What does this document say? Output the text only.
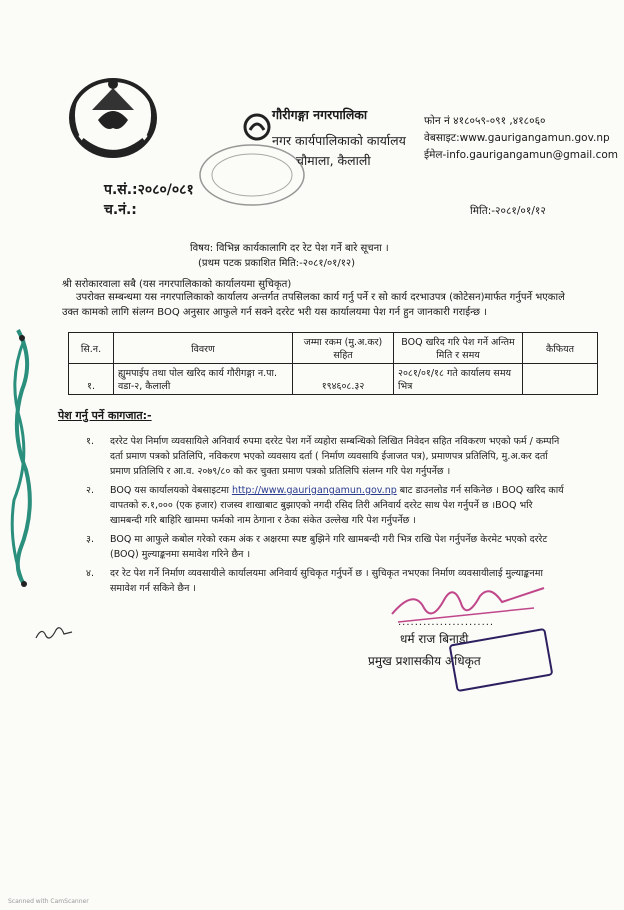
गौरीगङ्गा नगरपालिका
नगर कार्यपालिकाको कार्यालय
चौमाला, कैलाली
फोन नं ४१८०५९-०९१ ,४१८०६०
वेबसाइट:www.gaurigangamun.gov.np
ईमेल-info.gaurigangamun@gmail.com
प.सं.:२०८०/०८१
च.नं.:	मिति:-२०८१/०१/१२
विषय: विभिन्न कार्यकालागि दर रेट पेश गर्ने बारे सूचना ।
(प्रथम पटक प्रकाशित मिति:-२०८१/०१/१२)
श्री सरोकारवाला सबै (यस नगरपालिकाको कार्यालयमा सुचिकृत)
उपरोक्त सम्बन्धमा यस नगरपालिकाको कार्यालय अन्तर्गत तपसिलका कार्य गर्नु पर्ने र सो कार्य दरभाउपत्र (कोटेसन)मार्फत गर्नुपर्ने भएकाले उक्त कामको लागि संलग्न BOQ अनुसार आफुले गर्न सक्ने दररेट भरी यस कार्यालयमा पेश गर्न हुन जानकारी गराईन्छ ।
सि.न.	विवरण	जम्मा रकम (मु.अ.कर) सहित	BOQ खरिद गरि पेश गर्ने अन्तिम मिति र समय	कैफियत
१.	ह्युमपाईप तथा पोल खरिद कार्य गौरीगङ्गा न.पा. वडा-२, कैलाली	१९४६०८.३२	२०८१/०१/१८ गते कार्यालय समय भित्र	
पेश गर्नु पर्ने कागजात:-
१.	दररेट पेश निर्माण व्यवसायिले अनिवार्य रुपमा दररेट पेश गर्ने व्यहोरा सम्बन्धिको लिखित निवेदन सहित नविकरण भएको फर्म / कम्पनि दर्ता प्रमाण पत्रको प्रतिलिपि, नविकरण भएको व्यवसाय दर्ता ( निर्माण व्यवसायि ईजाजत पत्र), प्रमाणपत्र प्रतिलिपि, मु.अ.कर दर्ता प्रमाण प्रतिलिपि र आ.व. २०७९/८० को कर चुक्ता प्रमाण पत्रको प्रतिलिपि संलग्न गरि पेश गर्नुपर्नेछ ।
२.	BOQ यस कार्यालयको वेबसाइटमा http://www.gaurigangamun.gov.np बाट डाउनलोड गर्न सकिनेछ । BOQ खरिद कार्य वापतको रु.१,००० (एक हजार) राजस्व शाखाबाट बुझाएको नगदी रसिद तिरी अनिवार्य दररेट साथ पेश गर्नुपर्ने छ ।BOQ भरि खामबन्दी गरि बाहिरि खाममा फर्मको नाम ठेगाना र ठेका संकेत उल्लेख गरि पेश गर्नुपर्नेछ ।
३.	BOQ मा आफुले कबोल गरेको रकम अंक र अक्षरमा स्पष्ट बुझिने गरि खामबन्दी गरी भित्र राखि पेश गर्नुपर्नेछ केरमेट भएको दररेट (BOQ) मुल्याङ्कनमा समावेश गरिने छैन ।
४.	दर रेट पेश गर्ने निर्माण व्यवसायीले कार्यालयमा अनिवार्य सुचिकृत गर्नुपर्ने छ । सुचिकृत नभएका निर्माण व्यवसायीलाई मुल्याङ्कनमा समावेश गर्न सकिने छैन ।
.......................
धर्म राज बिनाडी
प्रमुख प्रशासकीय अधिकृत
Scanned with CamScanner
